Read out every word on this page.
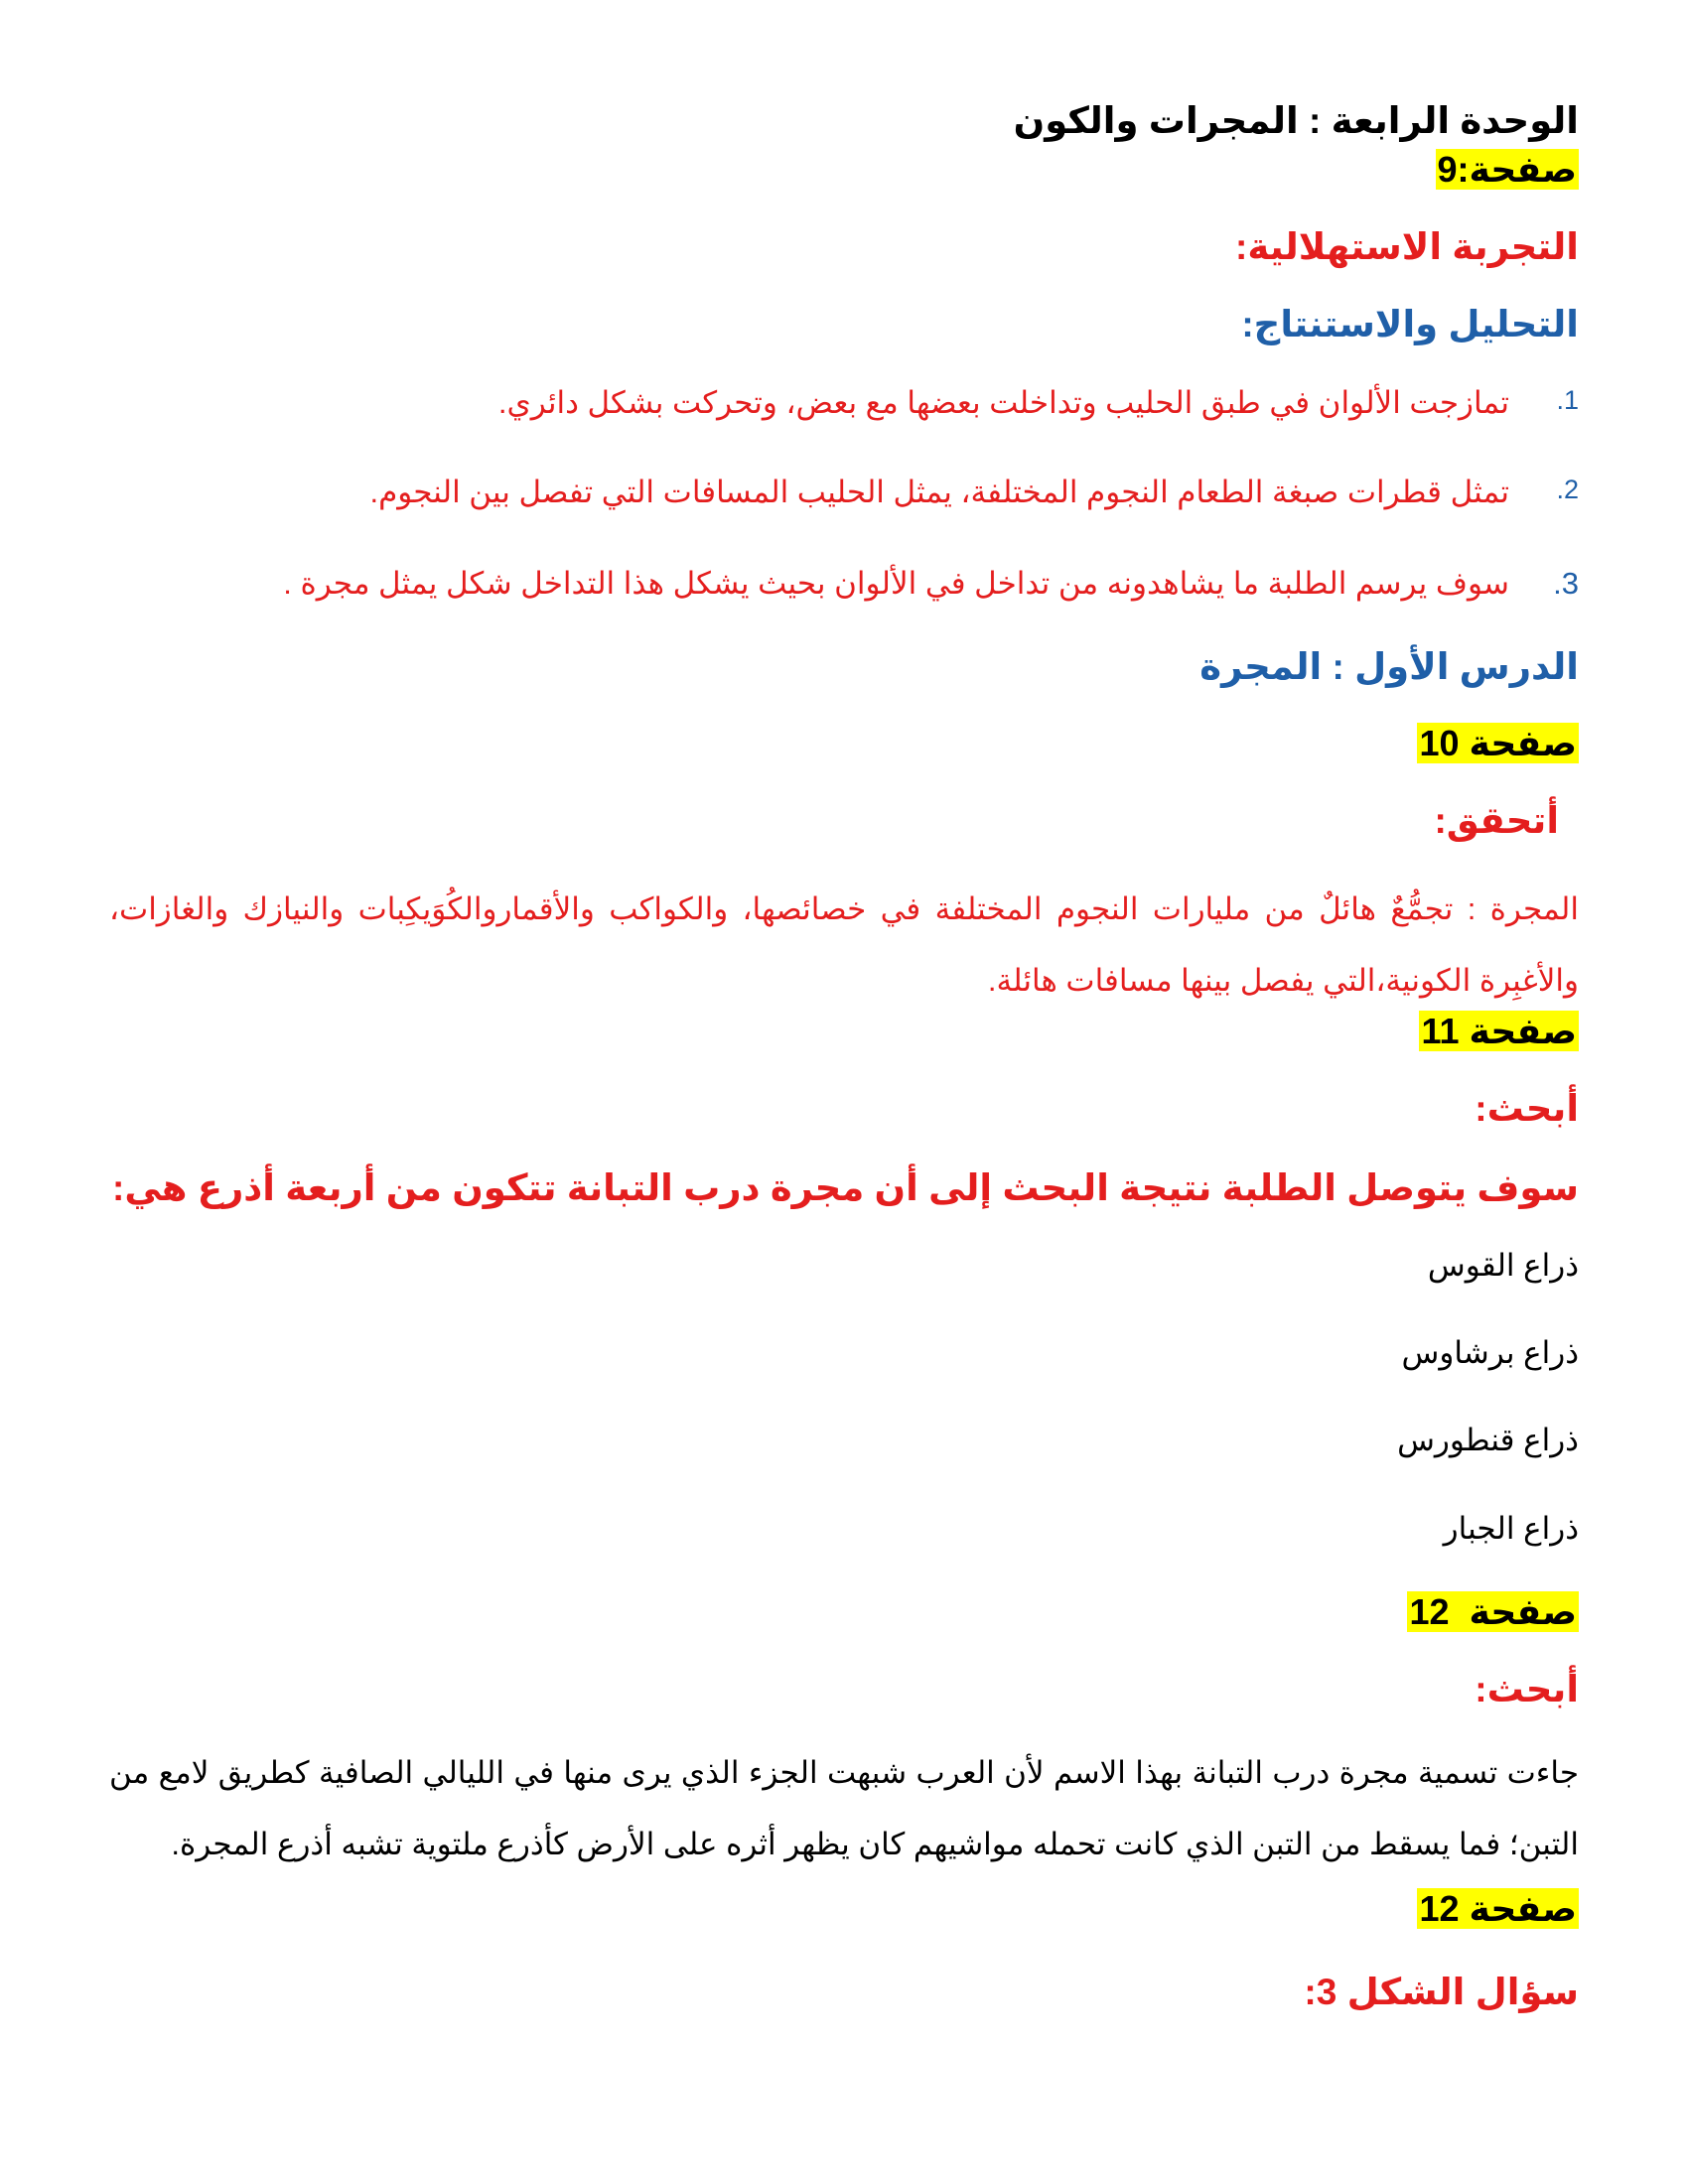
الوحدة الرابعة : المجرات والكون
صفحة:9
التجربة الاستهلالية:
التحليل والاستنتاج:
.1
تمازجت الألوان في طبق الحليب وتداخلت بعضها مع بعض، وتحركت بشكل دائري.
.2
تمثل قطرات صبغة الطعام النجوم المختلفة، يمثل الحليب المسافات التي تفصل بين النجوم.
.3
سوف يرسم الطلبة ما يشاهدونه من تداخل في الألوان بحيث يشكل هذا التداخل شكل يمثل مجرة .
الدرس الأول : المجرة
صفحة 10
أتحقق:
المجرة : تجمُّعٌ هائلٌ من مليارات النجوم المختلفة في خصائصها، والكواكب والأقماروالكُوَيكِبات والنيازك والغازات، والأغبِرة الكونية،التي يفصل بينها مسافات هائلة.
صفحة 11
أبحث:
سوف يتوصل الطلبة نتيجة البحث إلى أن مجرة درب التبانة تتكون من أربعة أذرع هي:
ذراع القوس
ذراع برشاوس
ذراع قنطورس
ذراع الجبار
صفحة  12
أبحث:
جاءت تسمية مجرة درب التبانة بهذا الاسم لأن العرب شبهت الجزء الذي يرى منها في الليالي الصافية كطريق لامع من التبن؛ فما يسقط من التبن الذي كانت تحمله مواشيهم كان يظهر أثره على الأرض كأذرع ملتوية تشبه أذرع المجرة.
صفحة 12
سؤال الشكل 3:
